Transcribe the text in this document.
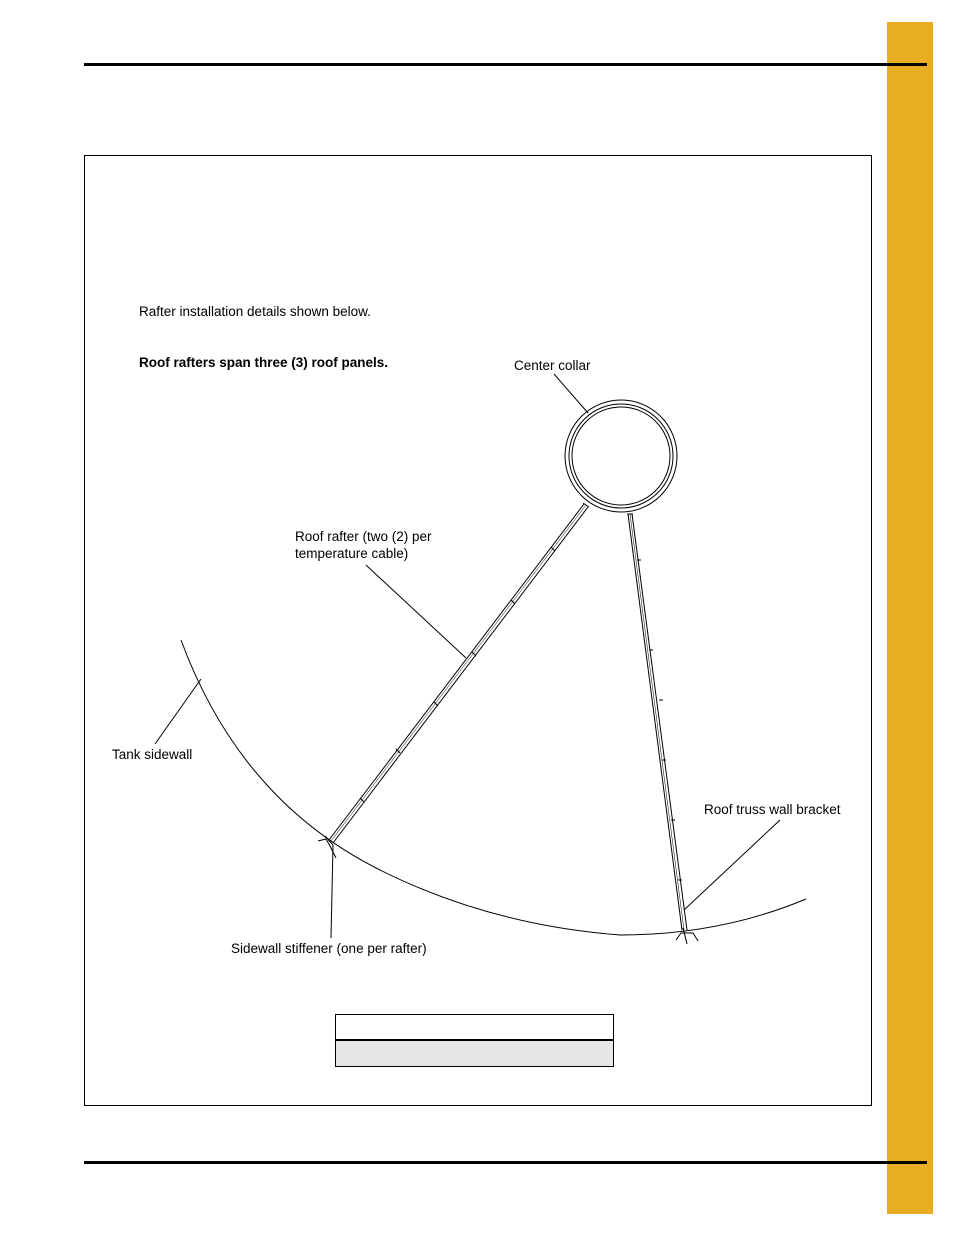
Rafter installation details shown below.
Roof rafters span three (3) roof panels.	Center collar
Roof rafter (two (2) per
temperature cable)
Tank sidewall
Roof truss wall bracket
Sidewall stiffener (one per rafter)
